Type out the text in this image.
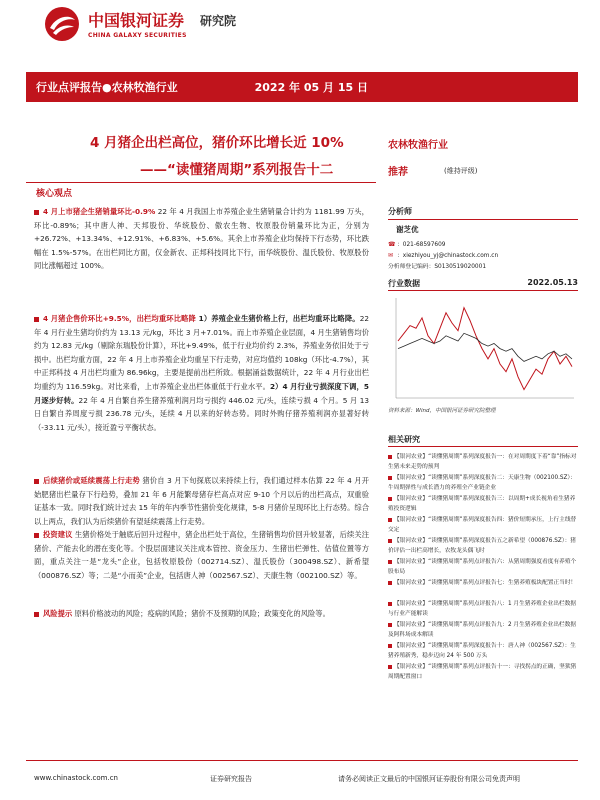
中国银河证券 研究院
CHINA GALAXY SECURITIES
行业点评报告●农林牧渔行业	2022 年 05 月 15 日
4 月猪企出栏高位，猪价环比增长近 10%
——“读懂猪周期”系列报告十二
核心观点
4 月上市猪企生猪销量环比-0.9% 22 年 4 月我国上市养殖企业生猪销量合计约为 1181.99 万头，环比-0.89%；其中唐人神、天邦股份、华统股份、傲农生物、牧原股份销量环比为正，分别为+26.72%、+13.34%、+12.91%、+6.83%、+5.6%。其余上市养殖企业均保持下行态势，环比跌幅在 1.5%-57%。在出栏同比方面，仅金新农、正邦科技同比下行，而华统股份、温氏股份、牧原股份同比涨幅超过 100%。
4 月猪企售价环比+9.5%，出栏均重环比略降 1）养殖企业生猪价格上行，出栏均重环比略降。22 年 4 月行业生猪均价约为 13.13 元/kg，环比 3 月+7.01%。而上市养殖企业层面，4 月生猪销售均价约为 12.83 元/kg（剔除东瑞股份计算），环比+9.49%，低于行业均价约 2.3%，养殖业务依旧处于亏损中。出栏均重方面，22 年 4 月上市养殖企业均重呈下行走势，对应均值约 108kg（环比-4.7%），其中正邦科技 4 月出栏均重为 86.96kg，主要是提前出栏所致。根据涌益数据统计，22 年 4 月行业出栏均重约为 116.59kg。对比来看，上市养殖企业出栏体重低于行业水平。2）4 月行业亏损深度下调，5 月逐步好转。22 年 4 月自繁自养生猪养殖利润月均亏损约 446.02 元/头，连续亏损 4 个月。5 月 13 日自繁自养周度亏损 236.78 元/头，延续 4 月以来的好转态势。同时外购仔猪养殖利润亦显著好转（-33.11 元/头），接近盈亏平衡状态。
后续猪价或延续震荡上行走势 猪价自 3 月下旬探底以来持续上行，我们通过样本估算 22 年 4 月开始肥猪出栏量存下行趋势，叠加 21 年 6 月能繁母猪存栏高点对应 9-10 个月以后的出栏高点，双重验证基本一致。同时我们统计过去 15 年的年内季节性猪价变化规律，5-8 月猪价呈现环比上行态势。综合以上两点，我们认为后续猪价有望延续震荡上行走势。
投资建议 生猪价格处于触底后回升过程中，猪企出栏处于高位，生猪销售均价回升较显著，后续关注猪价、产能去化的潜在变化等。个股层面建议关注成本管控、资金压力、生猪出栏弹性、估值位置等方面，重点关注一是“龙头”企业，包括牧原股份（002714.SZ）、温氏股份（300498.SZ）、新希望（000876.SZ）等；二是“小而美”企业，包括唐人神（002567.SZ）、天康生物（002100.SZ）等。
风险提示 原料价格波动的风险；疫病的风险；猪价不及预期的风险；政策变化的风险等。
农林牧渔行业
推荐	(维持评级)
分析师
谢芝优
☎ ：021-68597609
✉ ：xiezhiyou_yj@chinastock.com.cn
分析师登记编码：S0130519020001
行业数据	2022.05.13
资料来源：Wind，中国银河证券研究院整理
相关研究
【银河农业】“读懂猪周期”系列深度报告一：在对周期度下着“靠”指标对生猪未来走势的预判
【银河农业】“读懂猪周期”系列深度报告二：天康生物（002100.SZ）：牛周期弹性与成长潜力的养殖全产业链企业
【银河农业】“读懂猪周期”系列深度报告三：以周期+成长视角看生猪养殖投资逻辑
【银河农业】“读懂猪周期”系列深度报告四：猪价短期承压，上行主线替交定
【银河农业】“读懂猪周期”系列深度报告五之新希望（000876.SZ）：猪价评估一出栏高增长，农牧龙头偶飞时
【银河农业】“读懂猪周期”系列点评报告六：从猪周期强度看度有养殖个股布局
【银河农业】“读懂猪周期”系列点评报告七：生猪养殖板块配置正当时！
【银河农业】“读懂猪周期”系列点评报告八：1 月生猪养殖企业出栏数据与行业产能解读
【银河农业】“读懂猪周期”系列点评报告九：2 月生猪养殖企业出栏数据及阿科场成本解读
【银河农业】“读懂猪周期”系列深度报告十：唐人神（002567.SZ）：生猪养殖新秀，稳步迈向 24 年 500 万头
【银河农业】“读懂猪周期”系列点评报告十一：寻找拐点的正确，坚狱猪周期配置窗口
www.chinastock.com.cn	证券研究报告	请务必阅读正文最后的中国银河证券股份有限公司免责声明
